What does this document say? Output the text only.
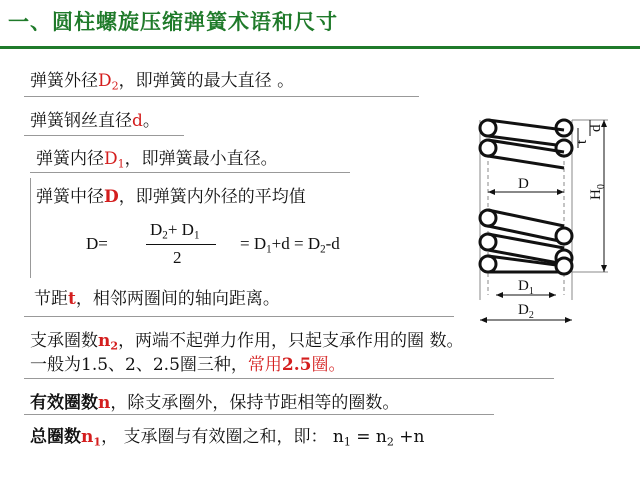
一、圆柱螺旋压缩弹簧术语和尺寸
弹簧外径$D_2$，即弹簧的最大直径 。
弹簧钢丝直径d。
弹簧内径$D_1$，即弹簧最小直径。
弹簧中径D，即弹簧内外径的平均值
D=
$D_2+ D_1$
2
= $D_1+d = D_2-d$
节距t，相邻两圈间的轴向距离。
支承圈数$n_2$，两端不起弹力作用，只起支承作用的圈 数。
一般为1.5、2、2.5圈三种，常用2.5圈。
有效圈数n，除支承圈外，保持节距相等的圈数。
总圈数$n_1$， 支承圈与有效圈之和，即： $n_1 = n_2 +n$
D
$D_1$
$D_2$
$H_0$
t
d
